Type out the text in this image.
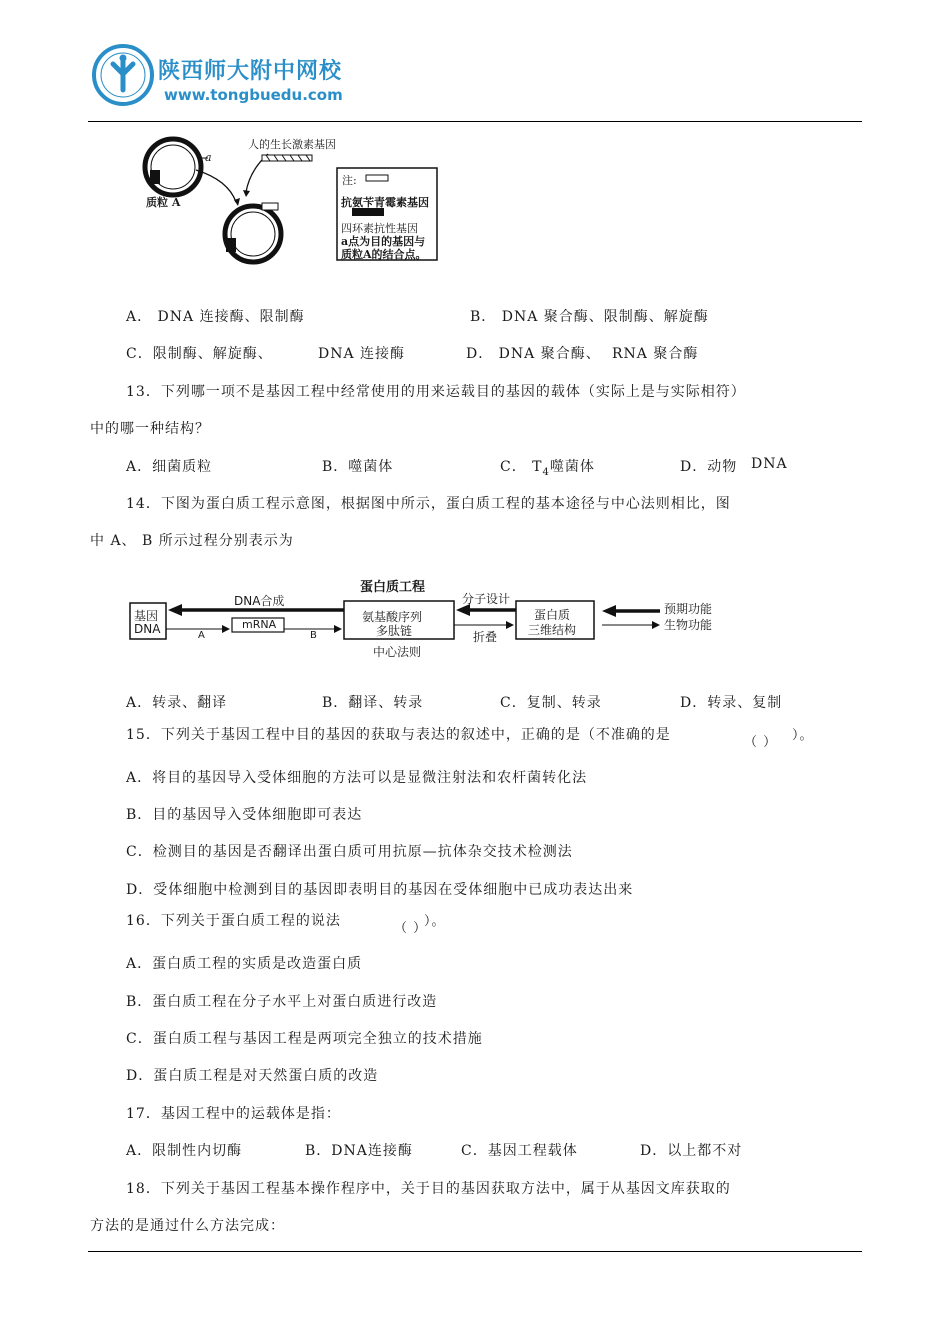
陕西师大附中网校
www.tongbuedu.com
人的生长激素基因
a
质粒 A
注:
抗氨苄青霉素基因
四环素抗性基因
a点为目的基因与
质粒A的结合点。
A． DNA 连接酶、限制酶	B． DNA 聚合酶、限制酶、解旋酶
C．限制酶、解旋酶、	DNA 连接酶	D． DNA 聚合酶、 RNA 聚合酶
13．下列哪一项不是基因工程中经常使用的用来运载目的基因的载体（实际上是与实际相符）
中的哪一种结构？
A．细菌质粒	B．噬菌体	C． $T_4$噬菌体	D．动物 DNA
14．下图为蛋白质工程示意图，根据图中所示，蛋白质工程的基本途径与中心法则相比，图
中 A、 B 所示过程分别表示为
蛋白质工程
基因
DNA
DNA合成
mRNA
A	B
氨基酸序列
多肽链
中心法则
分子设计
折叠
蛋白质
三维结构
预期功能
生物功能
A．转录、翻译	B．翻译、转录	C．复制、转录	D．转录、复制
15．下列关于基因工程中目的基因的获取与表达的叙述中，正确的是（不准确的是	（ ） ）。
A．将目的基因导入受体细胞的方法可以是显微注射法和农杆菌转化法
B．目的基因导入受体细胞即可表达
C．检测目的基因是否翻译出蛋白质可用抗原—抗体杂交技术检测法
D．受体细胞中检测到目的基因即表明目的基因在受体细胞中已成功表达出来
16．下列关于蛋白质工程的说法	（ ）
）。
A．蛋白质工程的实质是改造蛋白质
B．蛋白质工程在分子水平上对蛋白质进行改造
C．蛋白质工程与基因工程是两项完全独立的技术措施
D．蛋白质工程是对天然蛋白质的改造
17．基因工程中的运载体是指：
A．限制性内切酶	B．DNA连接酶	C．基因工程载体	D．以上都不对
18．下列关于基因工程基本操作程序中，关于目的基因获取方法中，属于从基因文库获取的
方法的是通过什么方法完成：
